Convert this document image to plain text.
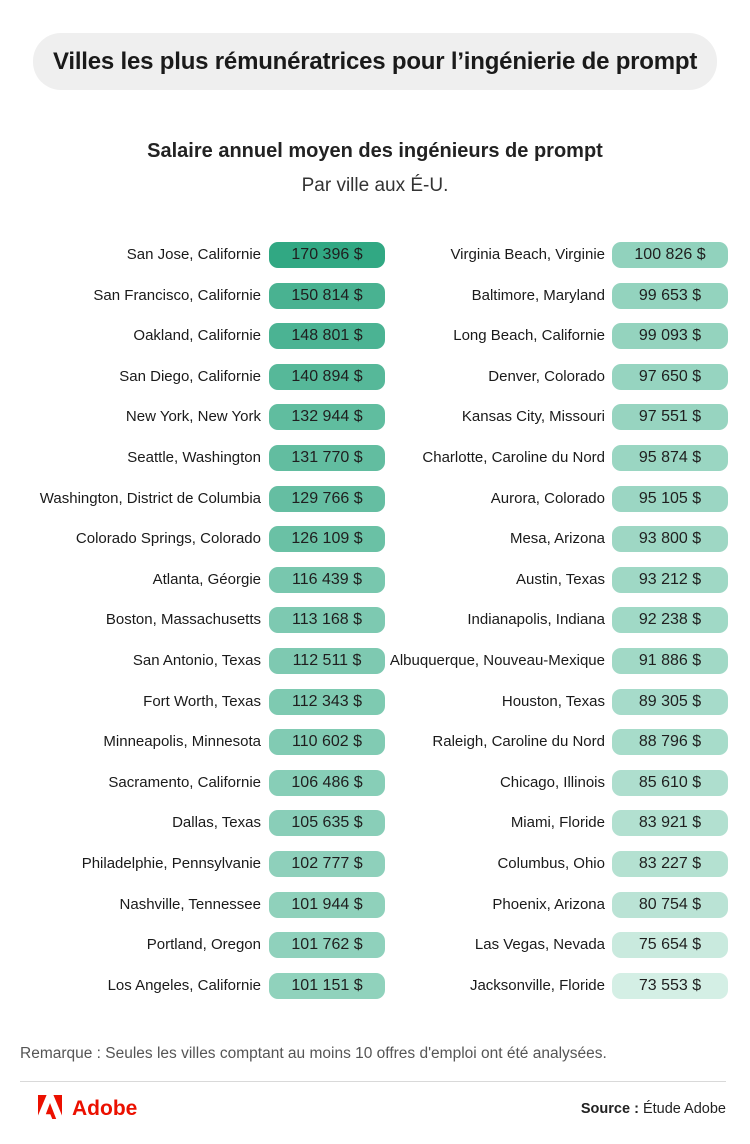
Villes les plus rémunératrices pour l’ingénierie de prompt
Salaire annuel moyen des ingénieurs de prompt
Par ville aux É-U.
San Jose, Californie	170 396 $
San Francisco, Californie	150 814 $
Oakland, Californie	148 801 $
San Diego, Californie	140 894 $
New York, New York	132 944 $
Seattle, Washington	131 770 $
Washington, District de Columbia	129 766 $
Colorado Springs, Colorado	126 109 $
Atlanta, Géorgie	116 439 $
Boston, Massachusetts	113 168 $
San Antonio, Texas	112 511 $
Fort Worth, Texas	112 343 $
Minneapolis, Minnesota	110 602 $
Sacramento, Californie	106 486 $
Dallas, Texas	105 635 $
Philadelphie, Pennsylvanie	102 777 $
Nashville, Tennessee	101 944 $
Portland, Oregon	101 762 $
Los Angeles, Californie	101 151 $
Virginia Beach, Virginie	100 826 $
Baltimore, Maryland	99 653 $
Long Beach, Californie	99 093 $
Denver, Colorado	97 650 $
Kansas City, Missouri	97 551 $
Charlotte, Caroline du Nord	95 874 $
Aurora, Colorado	95 105 $
Mesa, Arizona	93 800 $
Austin, Texas	93 212 $
Indianapolis, Indiana	92 238 $
Albuquerque, Nouveau-Mexique	91 886 $
Houston, Texas	89 305 $
Raleigh, Caroline du Nord	88 796 $
Chicago, Illinois	85 610 $
Miami, Floride	83 921 $
Columbus, Ohio	83 227 $
Phoenix, Arizona	80 754 $
Las Vegas, Nevada	75 654 $
Jacksonville, Floride	73 553 $
Remarque : Seules les villes comptant au moins 10 offres d'emploi ont été analysées.
Adobe	Source : Étude Adobe
